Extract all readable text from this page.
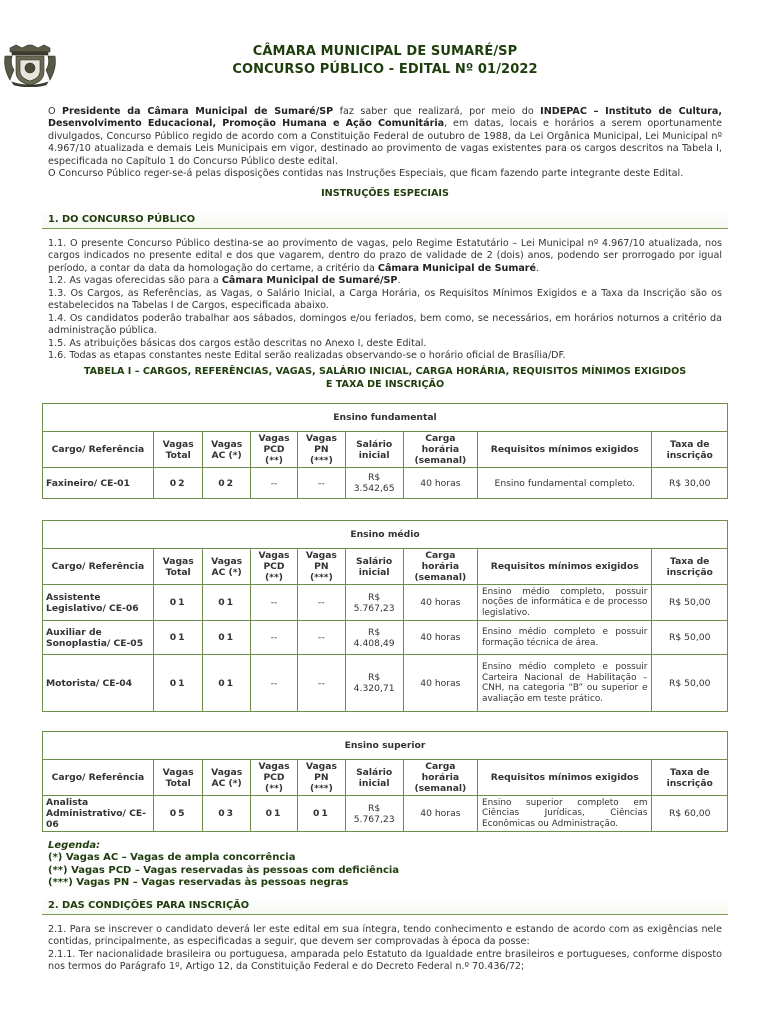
CÂMARA MUNICIPAL DE SUMARÉ/SP
CONCURSO PÚBLICO - EDITAL Nº 01/2022

O Presidente da Câmara Municipal de Sumaré/SP faz saber que realizará, por meio do INDEPAC – Instituto de Cultura, Desenvolvimento Educacional, Promoção Humana e Ação Comunitária, em datas, locais e horários a serem oportunamente divulgados, Concurso Público regido de acordo com a Constituição Federal de outubro de 1988, da Lei Orgânica Municipal, Lei Municipal nº 4.967/10 atualizada e demais Leis Municipais em vigor, destinado ao provimento de vagas existentes para os cargos descritos na Tabela I, especificada no Capítulo 1 do Concurso Público deste edital.

O Concurso Público reger-se-á pelas disposições contidas nas Instruções Especiais, que ficam fazendo parte integrante deste Edital.

INSTRUÇÕES ESPECIAIS
1. DO CONCURSO PÚBLICO

1.1. O presente Concurso Público destina-se ao provimento de vagas, pelo Regime Estatutário – Lei Municipal nº 4.967/10 atualizada, nos cargos indicados no presente edital e dos que vagarem, dentro do prazo de validade de 2 (dois) anos, podendo ser prorrogado por igual período, a contar da data da homologação do certame, a critério da Câmara Municipal de Sumaré.

1.2. As vagas oferecidas são para a Câmara Municipal de Sumaré/SP.

1.3. Os Cargos, as Referências, as Vagas, o Salário Inicial, a Carga Horária, os Requisitos Mínimos Exigidos e a Taxa da Inscrição são os estabelecidos na Tabelas I de Cargos, especificada abaixo.

1.4. Os candidatos poderão trabalhar aos sábados, domingos e/ou feriados, bem como, se necessários, em horários noturnos a critério da administração pública.

1.5. As atribuições básicas dos cargos estão descritas no Anexo I, deste Edital.

1.6. Todas as etapas constantes neste Edital serão realizadas observando-se o horário oficial de Brasília/DF.

TABELA I – CARGOS, REFERÊNCIAS, VAGAS, SALÁRIO INICIAL, CARGA HORÁRIA, REQUISITOS MÍNIMOS EXIGIDOS
E TAXA DE INSCRIÇÃO
Ensino fundamental								
Cargo/ Referência	Vagas Total	Vagas AC (*)	Vagas PCD (**)	Vagas PN (***)	Salário inicial	Carga horária (semanal)	Requisitos mínimos exigidos	Taxa de inscrição
Faxineiro/ CE-01	02	02	--	--	R$ 3.542,65	40 horas	Ensino fundamental completo.	R$ 30,00
Ensino médio								
Cargo/ Referência	Vagas Total	Vagas AC (*)	Vagas PCD (**)	Vagas PN (***)	Salário inicial	Carga horária (semanal)	Requisitos mínimos exigidos	Taxa de inscrição
Assistente Legislativo/ CE-06	01	01	--	--	R$ 5.767,23	40 horas	Ensino médio completo, possuir noções de informática e de processo legislativo.	R$ 50,00
Auxiliar de Sonoplastia/ CE-05	01	01	--	--	R$ 4.408,49	40 horas	Ensino médio completo e possuir formação técnica de área.	R$ 50,00
Motorista/ CE-04	01	01	--	--	R$ 4.320,71	40 horas	Ensino médio completo e possuir Carteira Nacional de Habilitação – CNH, na categoria “B” ou superior e avaliação em teste prático.	R$ 50,00
Ensino superior								
Cargo/ Referência	Vagas Total	Vagas AC (*)	Vagas PCD (**)	Vagas PN (***)	Salário inicial	Carga horária (semanal)	Requisitos mínimos exigidos	Taxa de inscrição
Analista Administrativo/ CE-06	05	03	01	01	R$ 5.767,23	40 horas	Ensino superior completo em Ciências Jurídicas, Ciências Econômicas ou Administração.	R$ 60,00
Legenda:
(*) Vagas AC – Vagas de ampla concorrência
(**) Vagas PCD – Vagas reservadas às pessoas com deficiência
(***) Vagas PN – Vagas reservadas às pessoas negras
2. DAS CONDIÇÕES PARA INSCRIÇÃO

2.1. Para se inscrever o candidato deverá ler este edital em sua íntegra, tendo conhecimento e estando de acordo com as exigências nele contidas, principalmente, as especificadas a seguir, que devem ser comprovadas à época da posse:

2.1.1. Ter nacionalidade brasileira ou portuguesa, amparada pelo Estatuto da Igualdade entre brasileiros e portugueses, conforme disposto nos termos do Parágrafo 1º, Artigo 12, da Constituição Federal e do Decreto Federal n.º 70.436/72;
